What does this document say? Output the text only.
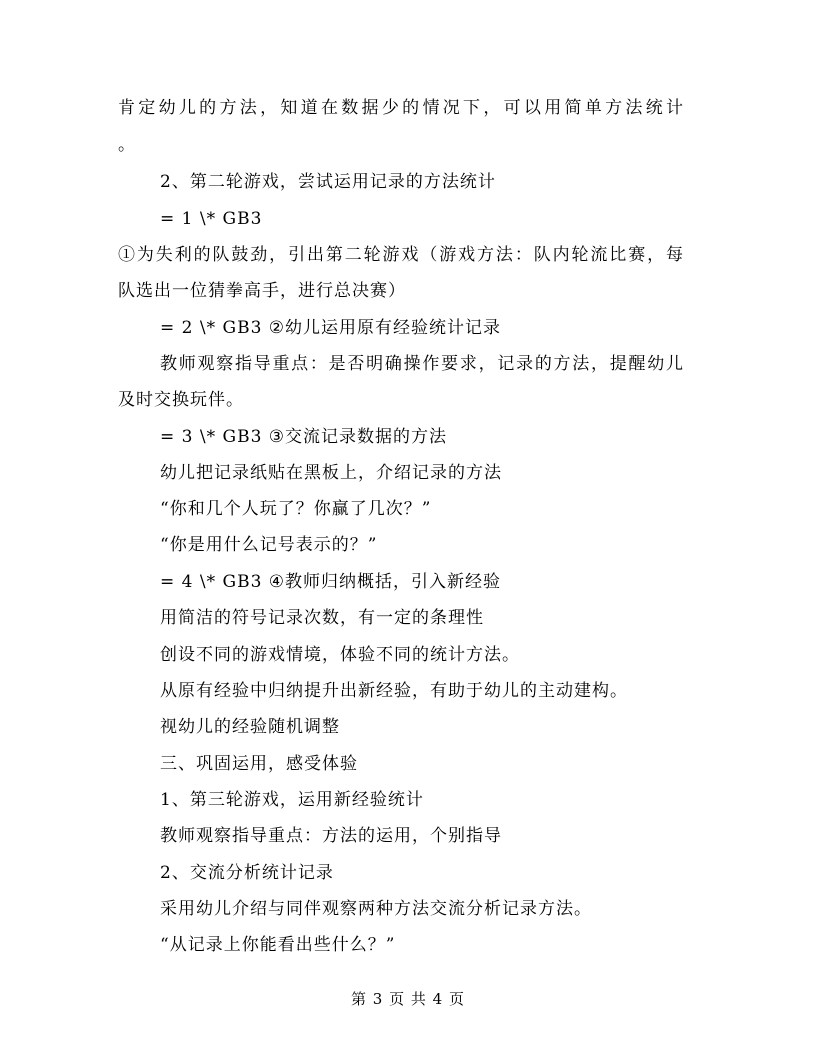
肯定幼儿的方法，知道在数据少的情况下，可以用简单方法统计
。
2、第二轮游戏，尝试运用记录的方法统计
= 1 \* GB3
①为失利的队鼓劲，引出第二轮游戏（游戏方法：队内轮流比赛，每
队选出一位猜拳高手，进行总决赛）
= 2 \* GB3 ②幼儿运用原有经验统计记录
教师观察指导重点：是否明确操作要求，记录的方法，提醒幼儿
及时交换玩伴。
= 3 \* GB3 ③交流记录数据的方法
幼儿把记录纸贴在黑板上，介绍记录的方法
“你和几个人玩了？你赢了几次？”
“你是用什么记号表示的？”
= 4 \* GB3 ④教师归纳概括，引入新经验
用简洁的符号记录次数，有一定的条理性
创设不同的游戏情境，体验不同的统计方法。
从原有经验中归纳提升出新经验，有助于幼儿的主动建构。
视幼儿的经验随机调整
三、巩固运用，感受体验
1、第三轮游戏，运用新经验统计
教师观察指导重点：方法的运用，个别指导
2、交流分析统计记录
采用幼儿介绍与同伴观察两种方法交流分析记录方法。
“从记录上你能看出些什么？”
第 3 页 共 4 页
